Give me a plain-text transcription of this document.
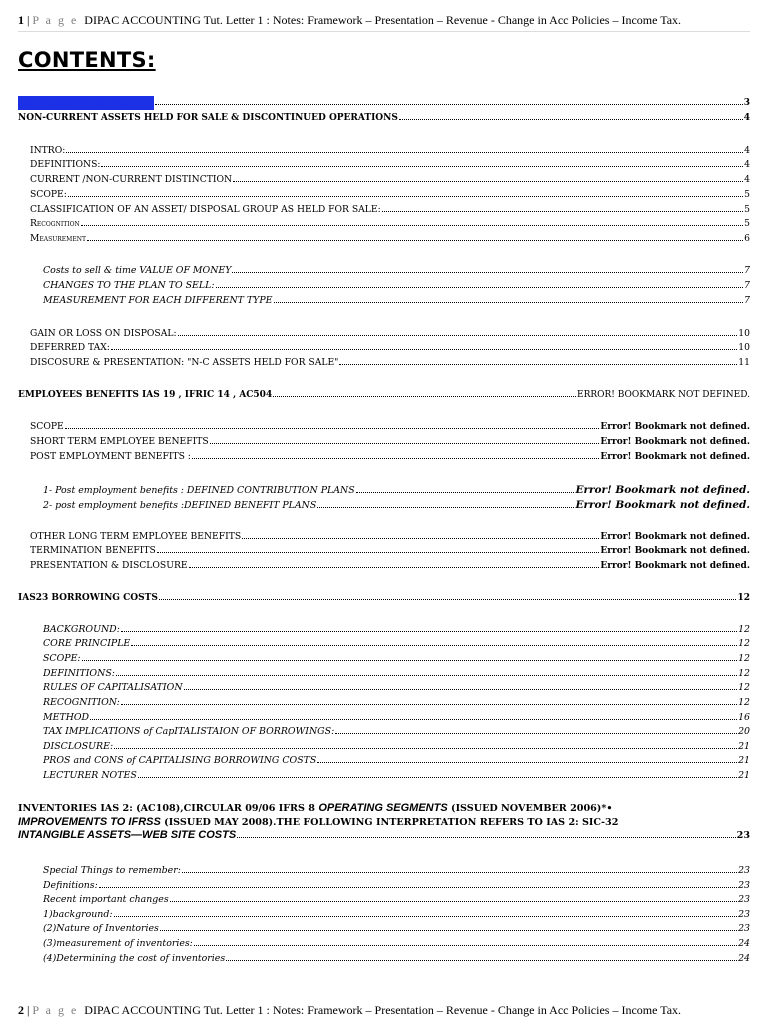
1 | P a g e DIPAC ACCOUNTING Tut. Letter 1 : Notes: Framework – Presentation – Revenue - Change in Acc Policies – Income Tax.
CONTENTS:
TO BE SCANNED IN STILL	3
NON-CURRENT ASSETS HELD FOR SALE & DISCONTINUED OPERATIONS	4
INTRO:	4
DEFINITIONS:	4
CURRENT /NON-CURRENT DISTINCTION	4
SCOPE:	5
CLASSIFICATION OF AN ASSET/ DISPOSAL GROUP AS HELD FOR SALE:	5
Recognition	5
Measurement	6
Costs to sell & time VALUE OF MONEY	7
CHANGES TO THE PLAN TO SELL:	7
MEASUREMENT FOR EACH DIFFERENT TYPE	7
GAIN OR LOSS ON DISPOSAL:	10
DEFERRED TAX:	10
DISCOSURE & PRESENTATION: "N-C ASSETS HELD FOR SALE"	11
EMPLOYEES BENEFITS IAS 19 , IFRIC 14 , AC504	ERROR! BOOKMARK NOT DEFINED.
SCOPE	Error! Bookmark not defined.
SHORT TERM EMPLOYEE BENEFITS	Error! Bookmark not defined.
POST EMPLOYMENT BENEFITS :	Error! Bookmark not defined.
1- Post employment benefits : DEFINED CONTRIBUTION PLANS	Error! Bookmark not defined.
2- post employment benefits :DEFINED BENEFIT PLANS	Error! Bookmark not defined.
OTHER LONG TERM EMPLOYEE BENEFITS	Error! Bookmark not defined.
TERMINATION BENEFITS	Error! Bookmark not defined.
PRESENTATION & DISCLOSURE	Error! Bookmark not defined.
IAS23 BORROWING COSTS	12
BACKGROUND:	12
CORE PRINCIPLE	12
SCOPE:	12
DEFINITIONS:	12
RULES OF CAPITALISATION	12
RECOGNITION:	12
METHOD	16
TAX IMPLICATIONS of CapITALISTAION OF BORROWINGS:	20
DISCLOSURE:	21
PROS and CONS of CAPITALISING BORROWING COSTS	21
LECTURER NOTES	21
INVENTORIES IAS 2: (AC108),CIRCULAR 09/06 IFRS 8 OPERATING SEGMENTS (ISSUED NOVEMBER 2006)*•
IMPROVEMENTS TO IFRSS (ISSUED MAY 2008).THE FOLLOWING INTERPRETATION REFERS TO IAS 2: SIC-32
INTANGIBLE ASSETS—WEB SITE COSTS	23
Special Things to remember:	23
Definitions:	23
Recent important changes	23
1)background:	23
(2)Nature of Inventories	23
(3)measurement of inventories:	24
(4)Determining the cost of inventories	24
2 | P a g e DIPAC ACCOUNTING Tut. Letter 1 : Notes: Framework – Presentation – Revenue - Change in Acc Policies – Income Tax.
